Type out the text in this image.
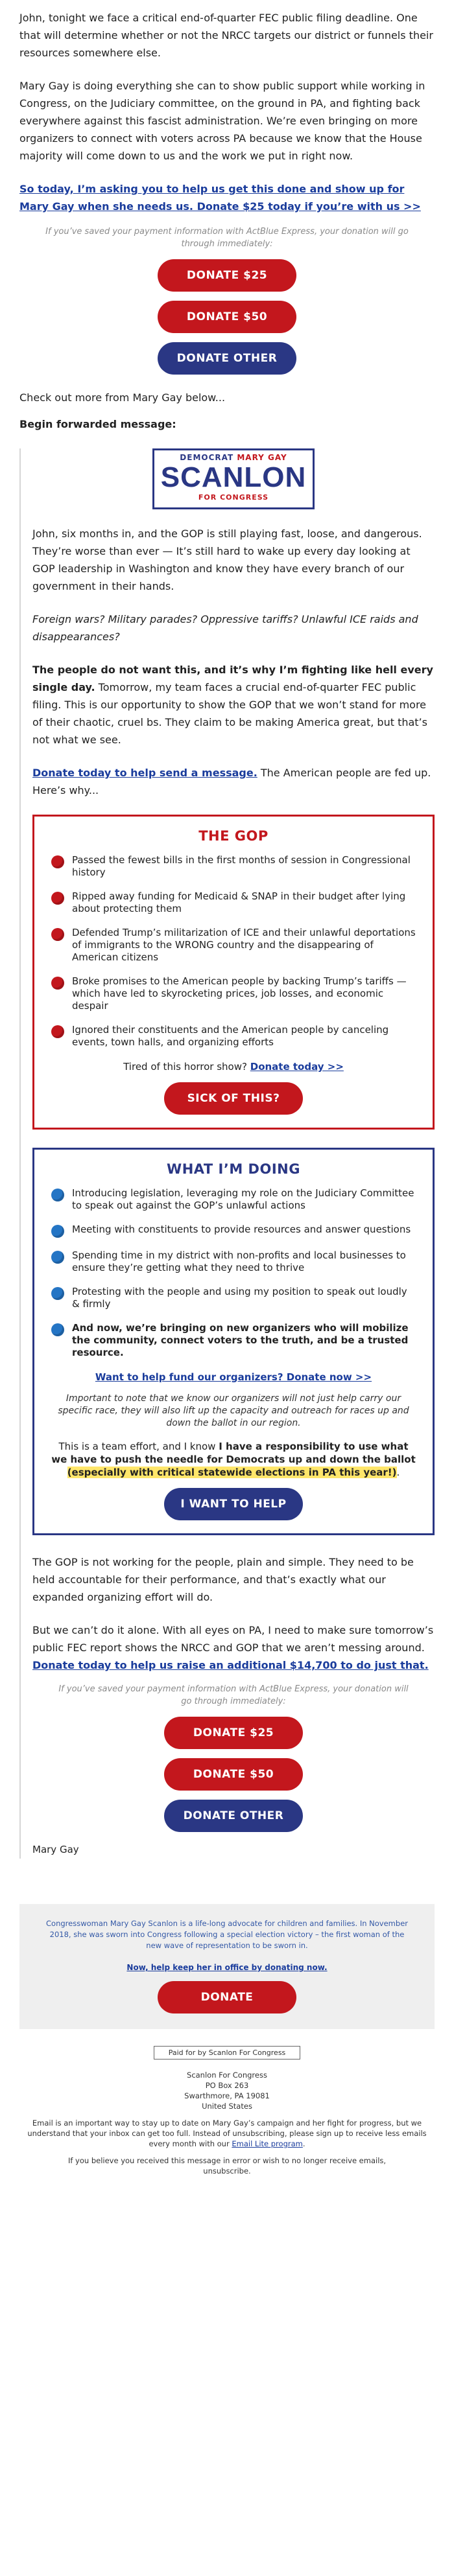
John, tonight we face a critical end-of-quarter FEC public filing deadline. One that will determine whether or not the NRCC targets our district or funnels their resources somewhere else.

Mary Gay is doing everything she can to show public support while working in Congress, on the Judiciary committee, on the ground in PA, and fighting back everywhere against this fascist administration. We’re even bringing on more organizers to connect with voters across PA because we know that the House majority will come down to us and the work we put in right now.

So today, I’m asking you to help us get this done and show up for Mary Gay when she needs us. Donate $25 today if you’re with us >>

If you’ve saved your payment information with ActBlue Express, your donation will go through immediately:

DONATE $25
DONATE $50
DONATE OTHER

Check out more from Mary Gay below...

Begin forwarded message:

DEMOCRAT MARY GAY
SCANLON
FOR CONGRESS

John, six months in, and the GOP is still playing fast, loose, and dangerous. They’re worse than ever — It’s still hard to wake up every day looking at GOP leadership in Washington and know they have every branch of our government in their hands.

Foreign wars? Military parades? Oppressive tariffs? Unlawful ICE raids and disappearances?

The people do not want this, and it’s why I’m fighting like hell every single day. Tomorrow, my team faces a crucial end-of-quarter FEC public filing. This is our opportunity to show the GOP that we won’t stand for more of their chaotic, cruel bs. They claim to be making America great, but that’s not what we see.

Donate today to help send a message. The American people are fed up. Here’s why...

THE GOP
Passed the fewest bills in the first months of session in Congressional history
Ripped away funding for Medicaid & SNAP in their budget after lying about protecting them
Defended Trump’s militarization of ICE and their unlawful deportations of immigrants to the WRONG country and the disappearing of American citizens
Broke promises to the American people by backing Trump’s tariffs — which have led to skyrocketing prices, job losses, and economic despair
Ignored their constituents and the American people by canceling events, town halls, and organizing efforts

Tired of this horror show? Donate today >>

SICK OF THIS?
WHAT I’M DOING
Introducing legislation, leveraging my role on the Judiciary Committee to speak out against the GOP’s unlawful actions
Meeting with constituents to provide resources and answer questions
Spending time in my district with non-profits and local businesses to ensure they’re getting what they need to thrive
Protesting with the people and using my position to speak out loudly & firmly
And now, we’re bringing on new organizers who will mobilize the community, connect voters to the truth, and be a trusted resource.
Want to help fund our organizers? Donate now >>

Important to note that we know our organizers will not just help carry our specific race, they will also lift up the capacity and outreach for races up and down the ballot in our region.

This is a team effort, and I know I have a responsibility to use what we have to push the needle for Democrats up and down the ballot (especially with critical statewide elections in PA this year!).

I WANT TO HELP

The GOP is not working for the people, plain and simple. They need to be held accountable for their performance, and that’s exactly what our expanded organizing effort will do.

But we can’t do it alone. With all eyes on PA, I need to make sure tomorrow’s public FEC report shows the NRCC and GOP that we aren’t messing around. Donate today to help us raise an additional $14,700 to do just that.

If you’ve saved your payment information with ActBlue Express, your donation will go through immediately:

DONATE $25
DONATE $50
DONATE OTHER

Mary Gay

Congresswoman Mary Gay Scanlon is a life-long advocate for children and families. In November 2018, she was sworn into Congress following a special election victory – the first woman of the new wave of representation to be sworn in.

Now, help keep her in office by donating now.
DONATE
Paid for by Scanlon For Congress
Scanlon For Congress
PO Box 263
Swarthmore, PA 19081
United States

Email is an important way to stay up to date on Mary Gay’s campaign and her fight for progress, but we understand that your inbox can get too full. Instead of unsubscribing, please sign up to receive less emails every month with our Email Lite program.

If you believe you received this message in error or wish to no longer receive emails,

unsubscribe.
